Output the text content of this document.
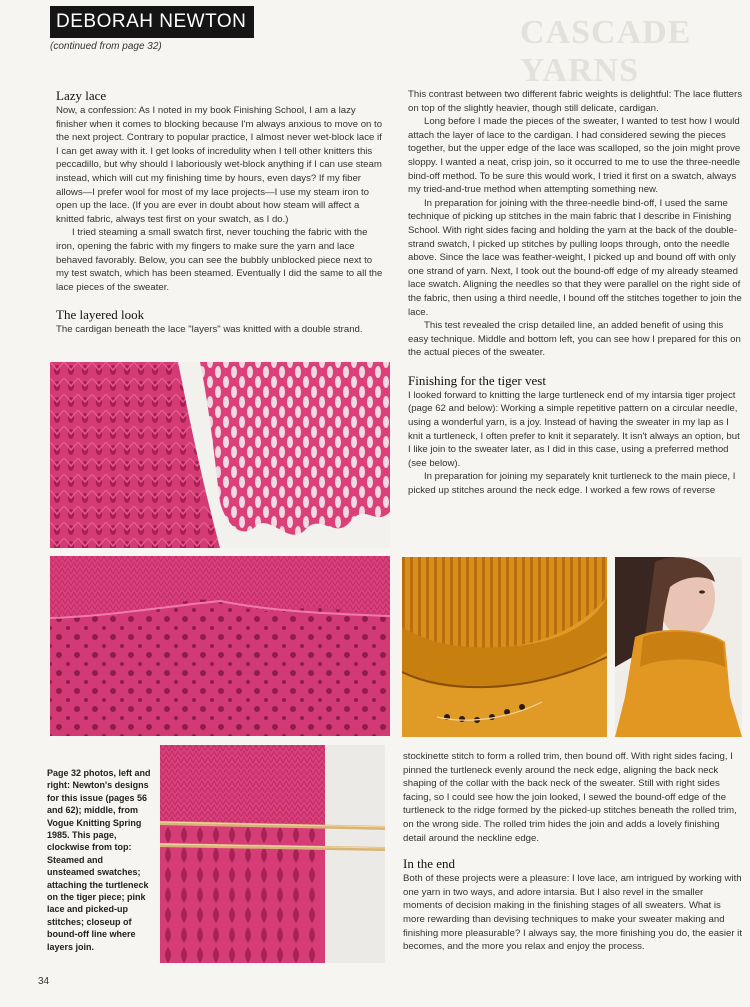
DEBORAH NEWTON
(continued from page 32)	CASCADE YARNS
Lazy lace

Now, a confession: As I noted in my book Finishing School, I am a lazy finisher when it comes to blocking because I'm always anxious to move on to the next project. Contrary to popular practice, I almost never wet-block lace if I can get away with it. I get looks of incredulity when I tell other knitters this peccadillo, but why should I laboriously wet-block anything if I can use steam instead, which will cut my finishing time by hours, even days? If my fiber allows—I prefer wool for most of my lace projects—I use my steam iron to open up the lace. (If you are ever in doubt about how steam will affect a knitted fabric, always test first on your swatch, as I do.)

I tried steaming a small swatch first, never touching the fabric with the iron, opening the fabric with my fingers to make sure the yarn and lace behaved favorably. Below, you can see the bubbly unblocked piece next to my test swatch, which has been steamed. Eventually I did the same to all the lace pieces of the sweater.

The layered look

The cardigan beneath the lace "layers" was knitted with a double strand.

This contrast between two different fabric weights is delightful: The lace flutters on top of the slightly heavier, though still delicate, cardigan.

Long before I made the pieces of the sweater, I wanted to test how I would attach the layer of lace to the cardigan. I had considered sewing the pieces together, but the upper edge of the lace was scalloped, so the join might prove sloppy. I wanted a neat, crisp join, so it occurred to me to use the three-needle bind-off method. To be sure this would work, I tried it first on a swatch, always my tried-and-true method when attempting something new.

In preparation for joining with the three-needle bind-off, I used the same technique of picking up stitches in the main fabric that I describe in Finishing School. With right sides facing and holding the yarn at the back of the double-strand swatch, I picked up stitches by pulling loops through, onto the needle above. Since the lace was feather-weight, I picked up and bound off with only one strand of yarn. Next, I took out the bound-off edge of my already steamed lace swatch. Aligning the needles so that they were parallel on the right side of the fabric, then using a third needle, I bound off the stitches together to join the lace.

This test revealed the crisp detailed line, an added benefit of using this easy technique. Middle and bottom left, you can see how I prepared for this on the actual pieces of the sweater.

Finishing for the tiger vest

I looked forward to knitting the large turtleneck end of my intarsia tiger project (page 62 and below): Working a simple repetitive pattern on a circular needle, using a wonderful yarn, is a joy. Instead of having the sweater in my lap as I knit a turtleneck, I often prefer to knit it separately. It isn't always an option, but I like join to the sweater later, as I did in this case, using a preferred method (see below).

In preparation for joining my separately knit turtleneck to the main piece, I picked up stitches around the neck edge. I worked a few rows of reverse

stockinette stitch to form a rolled trim, then bound off. With right sides facing, I pinned the turtleneck evenly around the neck edge, aligning the back neck shaping of the collar with the back neck of the sweater. Still with right sides facing, so I could see how the join looked, I sewed the bound-off edge of the turtleneck to the ridge formed by the picked-up stitches beneath the rolled trim, on the wrong side. The rolled trim hides the join and adds a lovely finishing detail around the neckline edge.

In the end

Both of these projects were a pleasure: I love lace, am intrigued by working with one yarn in two ways, and adore intarsia. But I also revel in the smaller moments of decision making in the finishing stages of all sweaters. What is more rewarding than devising techniques to make your sweater making and finishing more pleasurable? I always say, the more finishing you do, the easier it becomes, and the more you relax and enjoy the process.

Page 32 photos, left and right: Newton's designs for this issue (pages 56 and 62); middle, from Vogue Knitting Spring 1985. This page, clockwise from top: Steamed and unsteamed swatches; attaching the turtleneck on the tiger piece; pink lace and picked-up stitches; closeup of bound-off line where layers join.
34
